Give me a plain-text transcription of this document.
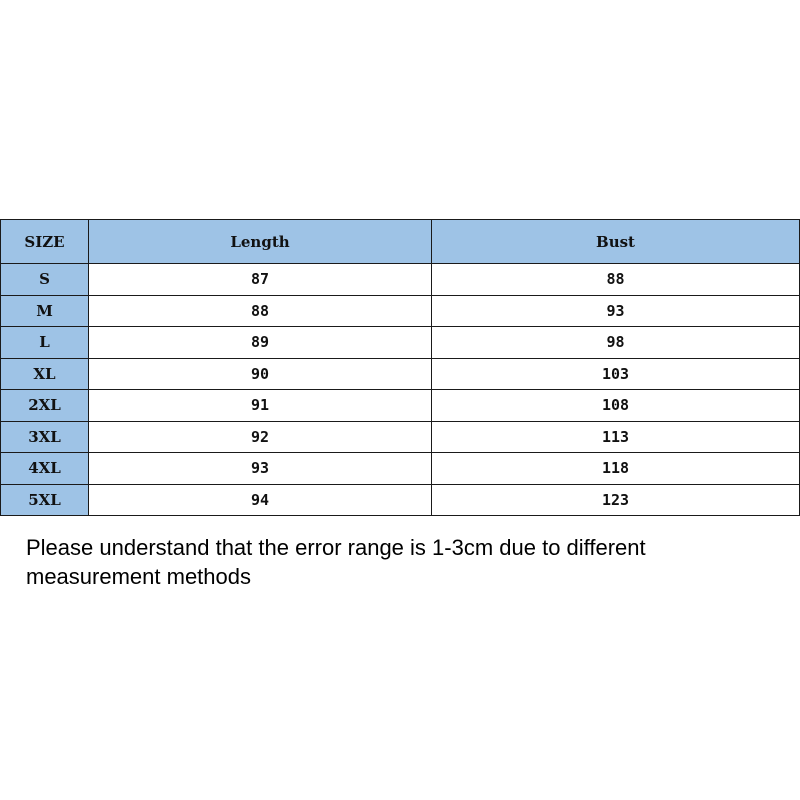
SIZE	Length	Bust
S	87	88
M	88	93
L	89	98
XL	90	103
2XL	91	108
3XL	92	113
4XL	93	118
5XL	94	123

Please understand that the error range is 1-3cm due to different measurement methods
